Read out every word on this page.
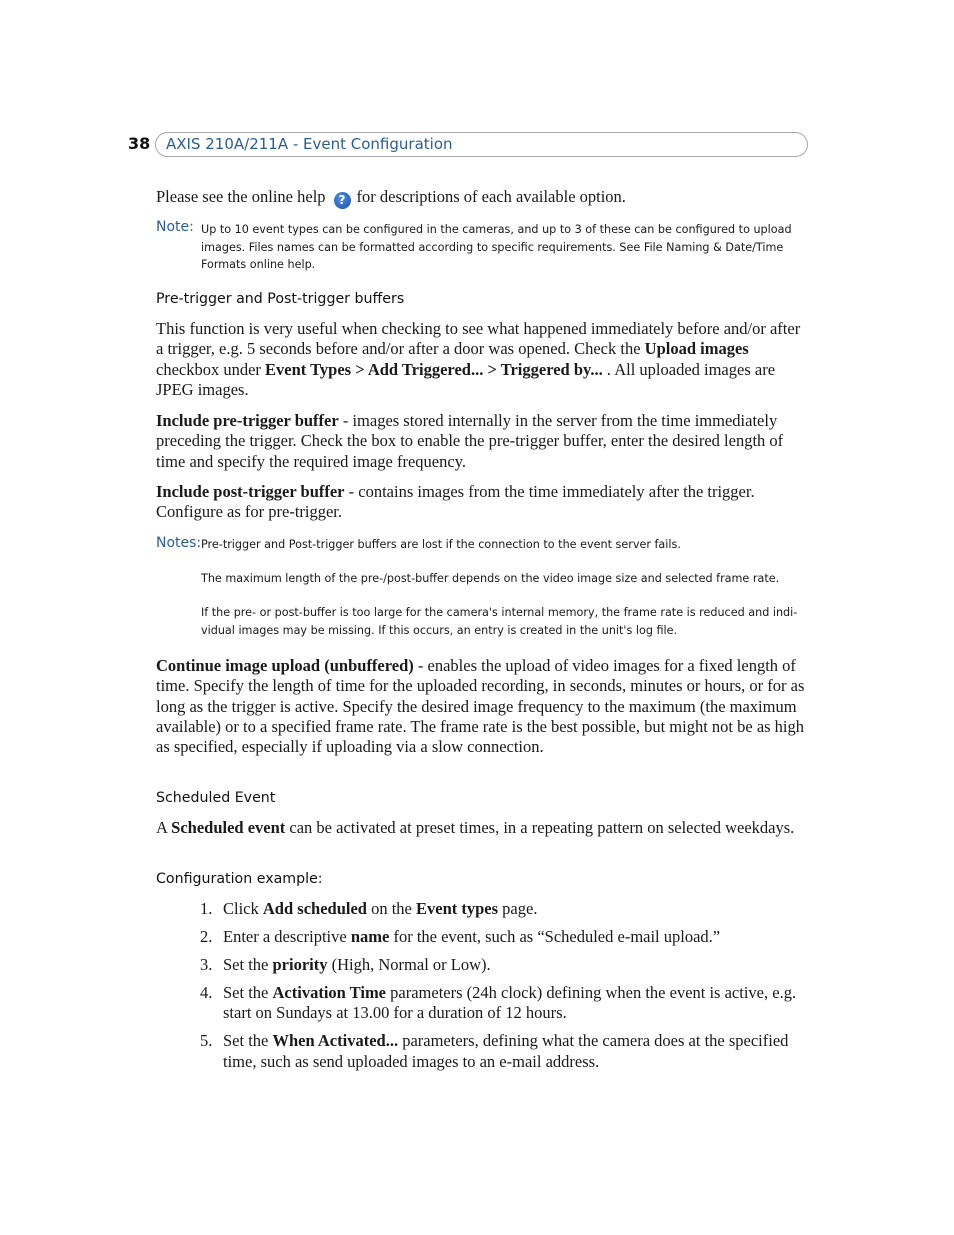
38 AXIS 210A/211A - Event Configuration
Please see the online help ? for descriptions of each available option.
Note: Up to 10 event types can be configured in the cameras, and up to 3 of these can be configured to upload
images. Files names can be formatted according to specific requirements. See File Naming & Date/Time
Formats online help.

Pre-trigger and Post-trigger buffers

This function is very useful when checking to see what happened immediately before and/or after a trigger, e.g. 5 seconds before and/or after a door was opened. Check the Upload images checkbox under Event Types > Add Triggered... > Triggered by... . All uploaded images are JPEG images.

Include pre-trigger buffer - images stored internally in the server from the time immediately preceding the trigger. Check the box to enable the pre-trigger buffer, enter the desired length of time and specify the required image frequency.

Include post-trigger buffer - contains images from the time immediately after the trigger. Configure as for pre-trigger.

Notes: Pre-trigger and Post-trigger buffers are lost if the connection to the event server fails.

The maximum length of the pre-/post-buffer depends on the video image size and selected frame rate.

If the pre- or post-buffer is too large for the camera's internal memory, the frame rate is reduced and indi-
vidual images may be missing. If this occurs, an entry is created in the unit's log file.

Continue image upload (unbuffered) - enables the upload of video images for a fixed length of time. Specify the length of time for the uploaded recording, in seconds, minutes or hours, or for as long as the trigger is active. Specify the desired image frequency to the maximum (the maximum available) or to a specified frame rate. The frame rate is the best possible, but might not be as high as specified, especially if uploading via a slow connection.

Scheduled Event

A Scheduled event can be activated at preset times, in a repeating pattern on selected weekdays.

Configuration example:
1. Click Add scheduled on the Event types page.
2. Enter a descriptive name for the event, such as “Scheduled e-mail upload.”
3. Set the priority (High, Normal or Low).
4. Set the Activation Time parameters (24h clock) defining when the event is active, e.g. start on Sundays at 13.00 for a duration of 12 hours.
5. Set the When Activated... parameters, defining what the camera does at the specified time, such as send uploaded images to an e-mail address.
